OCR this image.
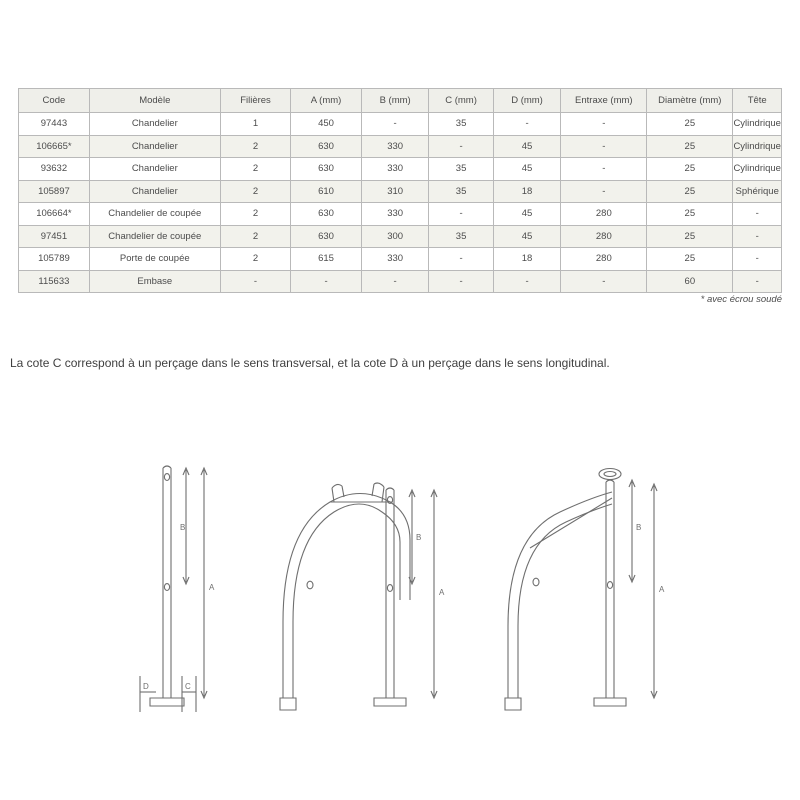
Code	Modèle	Filières	A (mm)	B (mm)	C (mm)	D (mm)	Entraxe (mm)	Diamètre (mm)	Tête
97443	Chandelier	1	450	-	35	-	-	25	Cylindrique
106665*	Chandelier	2	630	330	-	45	-	25	Cylindrique
93632	Chandelier	2	630	330	35	45	-	25	Cylindrique
105897	Chandelier	2	610	310	35	18	-	25	Sphérique
106664*	Chandelier de coupée	2	630	330	-	45	280	25	-
97451	Chandelier de coupée	2	630	300	35	45	280	25	-
105789	Porte de coupée	2	615	330	-	18	280	25	-
115633	Embase	-	-	-	-	-	-	60	-
* avec écrou soudé
La cote C correspond à un perçage dans le sens transversal, et la cote D à un perçage dans le sens longitudinal.
B
A
D	C
B
A
B
A
